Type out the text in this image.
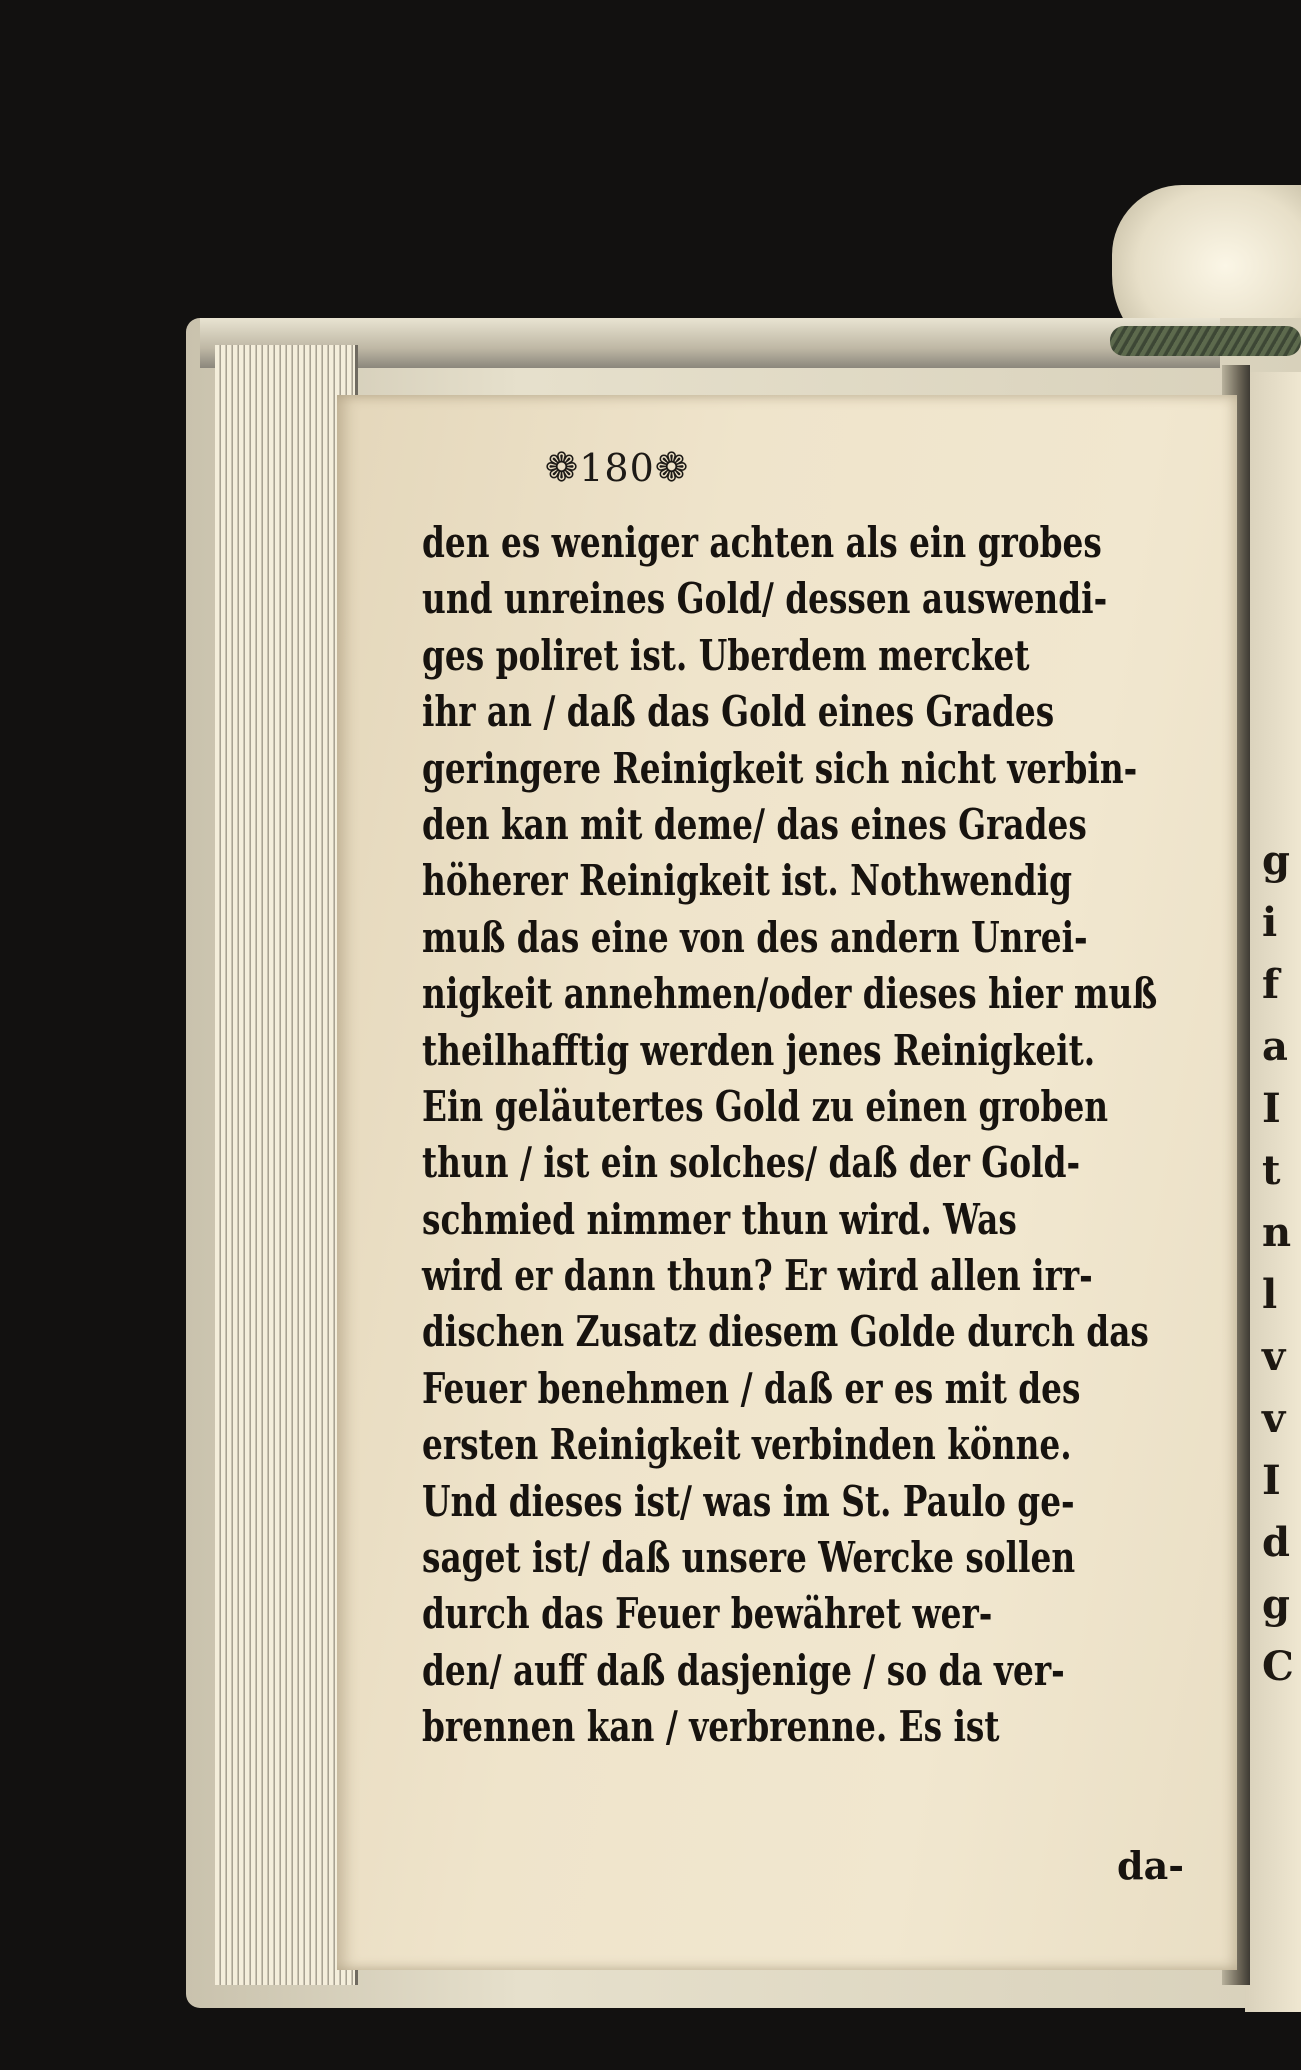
❁180❁
den es weniger achten als ein grobes
und unreines Gold/ dessen auswendi-
ges poliret ist. Uberdem mercket
ihr an / daß das Gold eines Grades
geringere Reinigkeit sich nicht verbin-
den kan mit deme/ das eines Grades
höherer Reinigkeit ist. Nothwendig
muß das eine von des andern Unrei-
nigkeit annehmen/oder dieses hier muß
theilhafftig werden jenes Reinigkeit.
Ein geläutertes Gold zu einen groben
thun / ist ein solches/ daß der Gold-
schmied nimmer thun wird. Was
wird er dann thun? Er wird allen irr-
dischen Zusatz diesem Golde durch das
Feuer benehmen / daß er es mit des
ersten Reinigkeit verbinden könne.
Und dieses ist/ was im St. Paulo ge-
saget ist/ daß unsere Wercke sollen
durch das Feuer bewähret wer-
den/ auff daß dasjenige / so da ver-
brennen kan / verbrenne. Es ist
da-
g
i
f
a
I
t
n
l
v
v
I
d
g
C
